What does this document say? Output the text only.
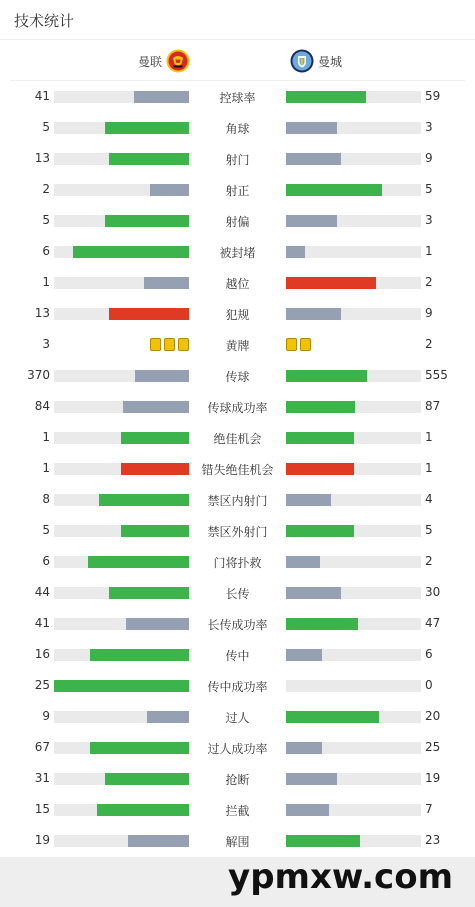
技术统计
曼联	曼城
41	控球率	59
5	角球	3
13	射门	9
2	射正	5
5	射偏	3
6	被封堵	1
1	越位	2
13	犯规	9
3	黄牌	2
370	传球	555
84	传球成功率	87
1	绝佳机会	1
1	错失绝佳机会	1
8	禁区内射门	4
5	禁区外射门	5
6	门将扑救	2
44	长传	30
41	长传成功率	47
16	传中	6
25	传中成功率	0
9	过人	20
67	过人成功率	25
31	抢断	19
15	拦截	7
19	解围	23
ypmxw.com
